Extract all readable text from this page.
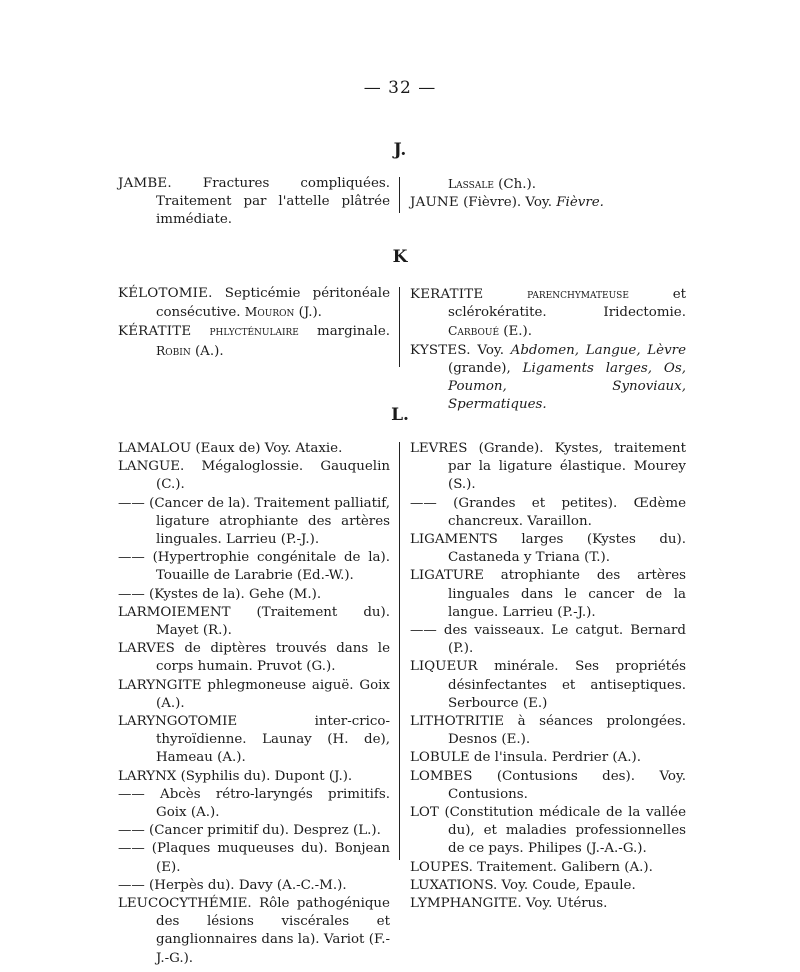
— 32 —
J.

JAMBE. Fractures compliquées. Traitement par l'attelle plâtrée immédiate.

Lassale (Ch.).

JAUNE (Fièvre). Voy. Fièvre.

K

KÉLOTOMIE. Septicémie péritonéale consécutive. Mouron (J.).

KÉRATITE phlycténulaire marginale. Robin (A.).

KERATITE	parenchymateuse et sclérokératite. Iridectomie. Carboué (E.).

KYSTES. Voy. Abdomen, Langue, Lèvre (grande), Ligaments larges, Os, Poumon, Synoviaux, Spermatiques.

L.

LAMALOU (Eaux de) Voy. Ataxie.

LANGUE. Mégaloglossie. Gauquelin (C.).

—— (Cancer de la). Traitement palliatif, ligature atrophiante des artères linguales. Larrieu (P.-J.).

—— (Hypertrophie congénitale de la). Touaille de Larabrie (Ed.-W.).

—— (Kystes de la). Gehe (M.).

LARMOIEMENT (Traitement du). Mayet (R.).

LARVES de diptères trouvés dans le corps humain. Pruvot (G.).

LARYNGITE phlegmoneuse aiguë. Goix (A.).

LARYNGOTOMIE inter-crico-thyroïdienne. Launay (H. de), Hameau (A.).

LARYNX (Syphilis du). Dupont (J.).

—— Abcès rétro-laryngés primitifs. Goix (A.).

—— (Cancer primitif du). Desprez (L.).

—— (Plaques muqueuses du). Bonjean (E).

—— (Herpès du). Davy (A.-C.-M.).

LEUCOCYTHÉMIE. Rôle pathogénique des lésions viscérales et ganglionnaires dans la). Variot (F.-J.-G.).

LEVRES (Grande). Kystes, traitement par la ligature élastique. Mourey (S.).

—— (Grandes et petites). Œdème chancreux. Varaillon.

LIGAMENTS larges (Kystes du). Castaneda y Triana (T.).

LIGATURE atrophiante des artères linguales dans le cancer de la langue. Larrieu (P.-J.).

—— des vaisseaux. Le catgut. Bernard (P.).

LIQUEUR minérale. Ses propriétés désinfectantes et antiseptiques. Serbource (E.)

LITHOTRITIE à séances prolongées. Desnos (E.).

LOBULE de l'insula. Perdrier (A.).

LOMBES (Contusions des). Voy. Contusions.

LOT (Constitution médicale de la vallée du), et maladies professionnelles de ce pays. Philipes (J.-A.-G.).

LOUPES. Traitement. Galibern (A.).

LUXATIONS. Voy. Coude, Epaule.

LYMPHANGITE. Voy. Utérus.
